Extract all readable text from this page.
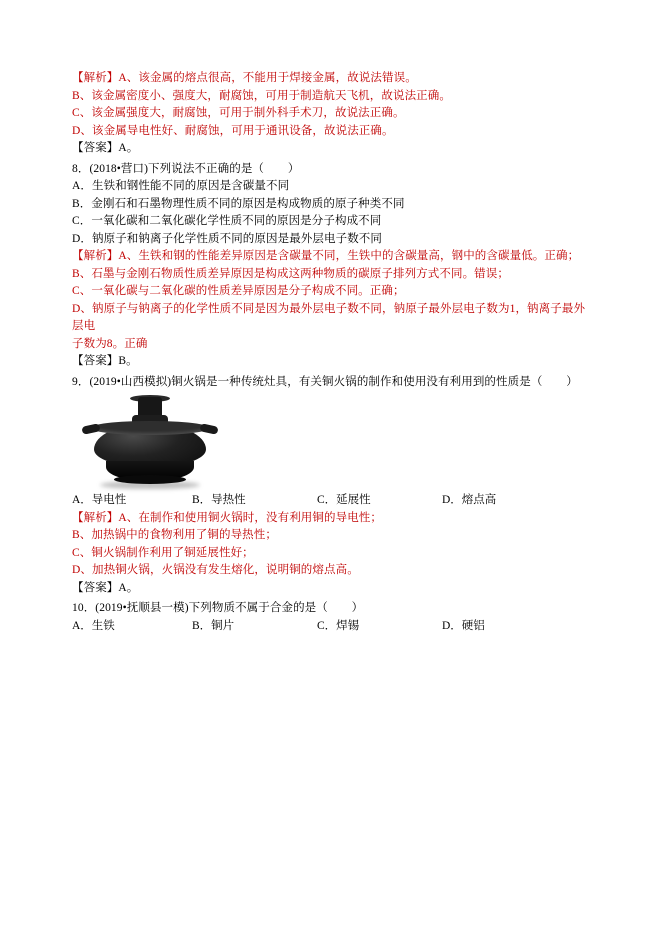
【解析】A、该金属的熔点很高，不能用于焊接金属，故说法错误。

B、该金属密度小、强度大，耐腐蚀，可用于制造航天飞机，故说法正确。

C、该金属强度大，耐腐蚀，可用于制外科手术刀，故说法正确。

D、该金属导电性好、耐腐蚀，可用于通讯设备，故说法正确。

【答案】A。

8．(2018•营口)下列说法不正确的是（        ）

A．生铁和钢性能不同的原因是含碳量不同

B．金刚石和石墨物理性质不同的原因是构成物质的原子种类不同

C．一氧化碳和二氧化碳化学性质不同的原因是分子构成不同

D．钠原子和钠离子化学性质不同的原因是最外层电子数不同

【解析】A、生铁和钢的性能差异原因是含碳量不同，生铁中的含碳量高，钢中的含碳量低。正确；

B、石墨与金刚石物质性质差异原因是构成这两种物质的碳原子排列方式不同。错误；

C、一氧化碳与二氧化碳的性质差异原因是分子构成不同。正确；

D、钠原子与钠离子的化学性质不同是因为最外层电子数不同，钠原子最外层电子数为1，钠离子最外层电

子数为8。正确

【答案】B。

9．(2019•山西模拟)铜火锅是一种传统灶具，有关铜火锅的制作和使用没有利用到的性质是（        ）

A．导电性	B．导热性	C．延展性	D．熔点高

【解析】A、在制作和使用铜火锅时，没有利用铜的导电性；

B、加热锅中的食物利用了铜的导热性；

C、铜火锅制作利用了铜延展性好；

D、加热铜火锅，火锅没有发生熔化，说明铜的熔点高。

【答案】A。

10．(2019•抚顺县一模)下列物质不属于合金的是（        ）

A．生铁	B．铜片	C．焊锡	D．硬铝
